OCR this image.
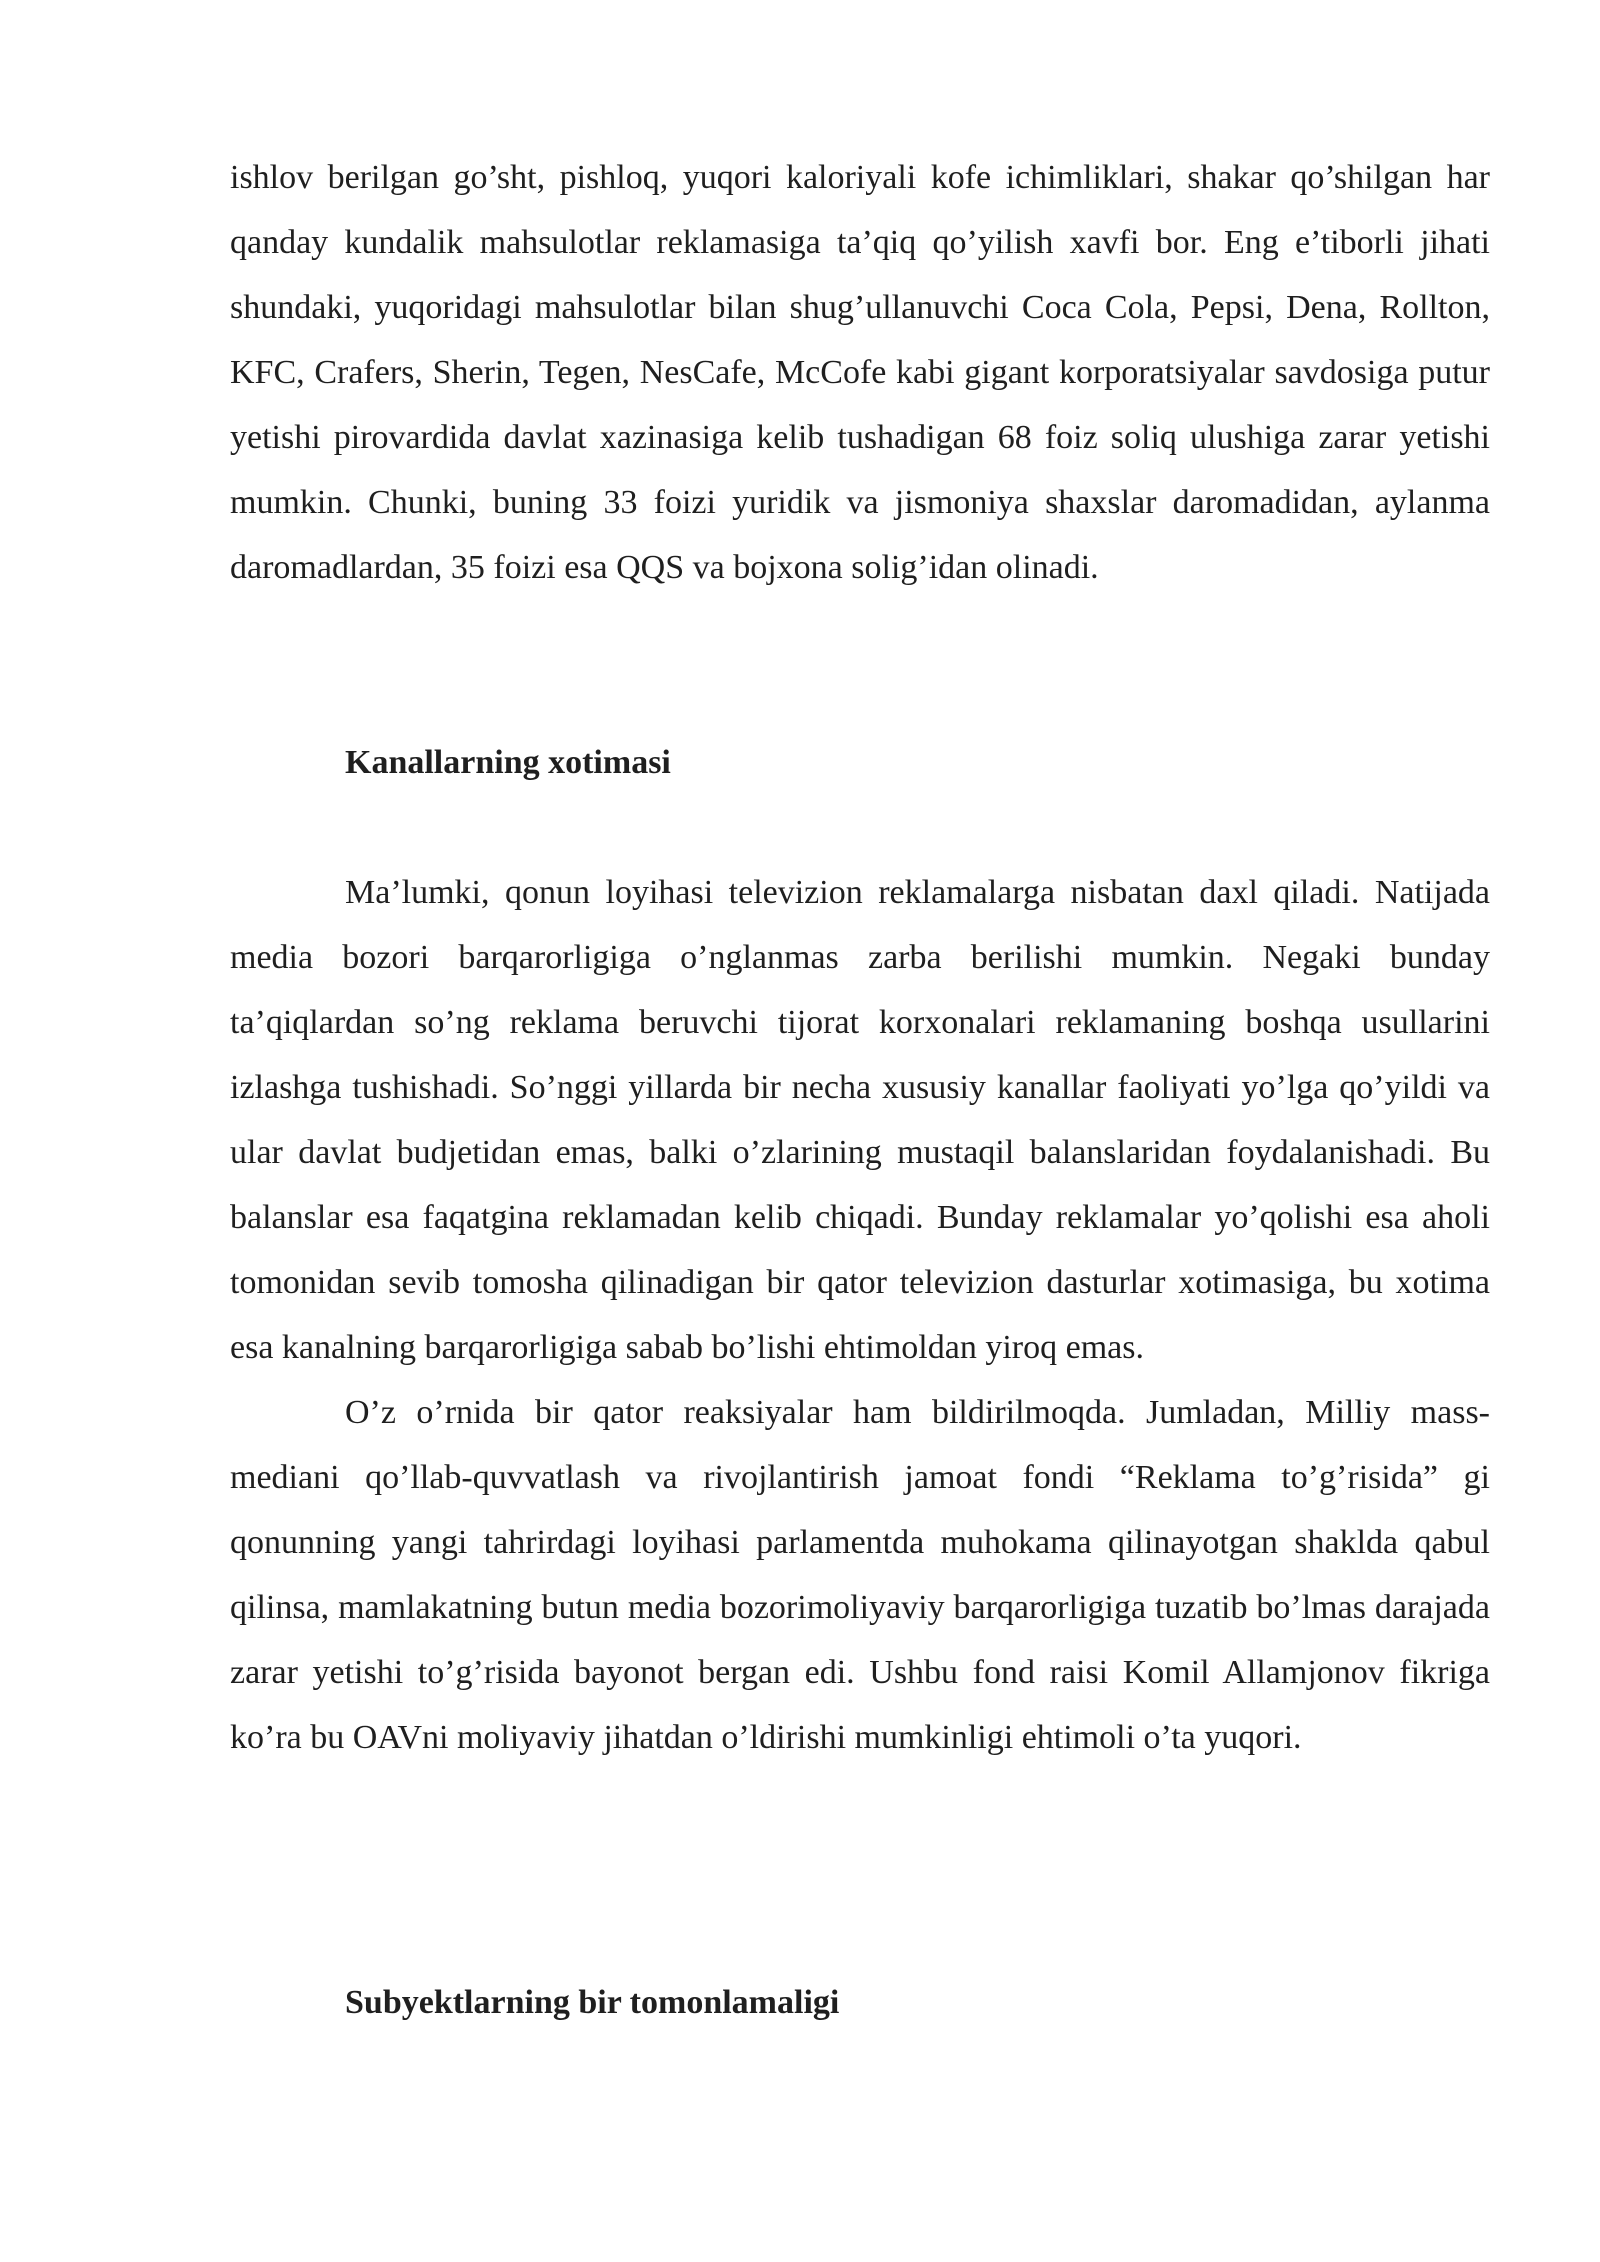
ishlov berilgan go’sht, pishloq, yuqori kaloriyali kofe ichimliklari, shakar qo’shilgan har qanday kundalik mahsulotlar reklamasiga ta’qiq qo’yilish xavfi bor. Eng e’tiborli jihati shundaki, yuqoridagi mahsulotlar bilan shug’ullanuvchi Coca Cola, Pepsi, Dena, Rollton, KFC, Crafers, Sherin, Tegen, NesCafe, McCofe kabi gigant korporatsiyalar savdosiga putur yetishi pirovardida davlat xazinasiga kelib tushadigan 68 foiz soliq ulushiga zarar yetishi mumkin. Chunki, buning 33 foizi yuridik va jismoniya shaxslar daromadidan, aylanma daromadlardan, 35 foizi esa QQS va bojxona solig’idan olinadi.

Kanallarning xotimasi

Ma’lumki, qonun loyihasi televizion reklamalarga nisbatan daxl qiladi. Natijada media bozori barqarorligiga o’nglanmas zarba berilishi mumkin. Negaki bunday ta’qiqlardan so’ng reklama beruvchi tijorat korxonalari reklamaning boshqa usullarini izlashga tushishadi. So’nggi yillarda bir necha xususiy kanallar faoliyati yo’lga qo’yildi va ular davlat budjetidan emas, balki o’zlarining mustaqil balanslaridan foydalanishadi. Bu balanslar esa faqatgina reklamadan kelib chiqadi. Bunday reklamalar yo’qolishi esa aholi tomonidan sevib tomosha qilinadigan bir qator televizion dasturlar xotimasiga, bu xotima esa kanalning barqarorligiga sabab bo’lishi ehtimoldan yiroq emas.

O’z o’rnida bir qator reaksiyalar ham bildirilmoqda. Jumladan, Milliy mass-mediani qo’llab-quvvatlash va rivojlantirish jamoat fondi “Reklama to’g’risida” gi qonunning yangi tahrirdagi loyihasi parlamentda muhokama qilinayotgan shaklda qabul qilinsa, mamlakatning butun media bozorimoliyaviy barqarorligiga tuzatib bo’lmas darajada zarar yetishi to’g’risida bayonot bergan edi. Ushbu fond raisi Komil Allamjonov fikriga ko’ra bu OAVni moliyaviy jihatdan o’ldirishi mumkinligi ehtimoli o’ta yuqori.

Subyektlarning bir tomonlamaligi
